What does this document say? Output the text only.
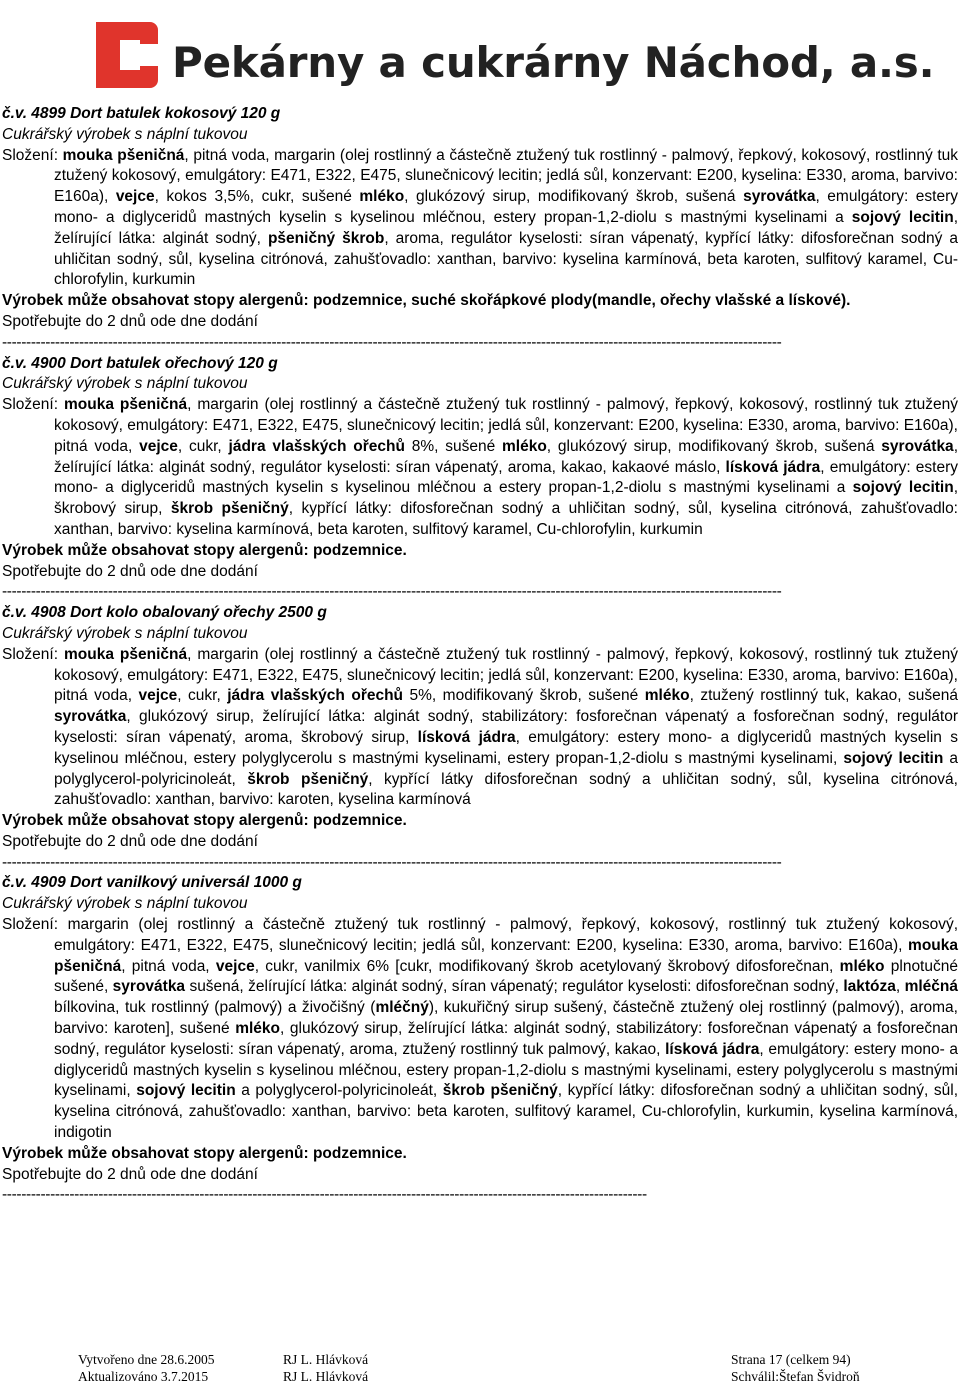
Pekárny a cukrárny Náchod, a.s.
č.v. 4899 Dort batulek kokosový 120 g
Cukrářský výrobek s náplní tukovou
Složení: mouka pšeničná, pitná voda, margarin (olej rostlinný a částečně ztužený tuk rostlinný - palmový, řepkový, kokosový, rostlinný tuk ztužený kokosový, emulgátory: E471, E322, E475, slunečnicový lecitin; jedlá sůl, konzervant: E200, kyselina: E330, aroma, barvivo: E160a), vejce, kokos 3,5%, cukr, sušené mléko, glukózový sirup, modifikovaný škrob, sušená syrovátka, emulgátory: estery mono- a diglyceridů mastných kyselin s kyselinou mléčnou, estery propan-1,2-diolu s mastnými kyselinami a sojový lecitin, želírující látka: alginát sodný, pšeničný škrob, aroma, regulátor kyselosti: síran vápenatý, kypřící látky: difosforečnan sodný a uhličitan sodný, sůl, kyselina citrónová, zahušťovadlo: xanthan, barvivo: kyselina karmínová, beta karoten, sulfitový karamel, Cu-chlorofylin, kurkumin
Výrobek může obsahovat stopy alergenů: podzemnice, suché skořápkové plody(mandle, ořechy vlašské a lískové).
Spotřebujte do 2 dnů ode dne dodání
------------------------------------------------------------------------------------------------------------------------------------------------------------------
č.v. 4900 Dort batulek ořechový 120 g
Cukrářský výrobek s náplní tukovou
Složení: mouka pšeničná, margarin (olej rostlinný a částečně ztužený tuk rostlinný - palmový, řepkový, kokosový, rostlinný tuk ztužený kokosový, emulgátory: E471, E322, E475, slunečnicový lecitin; jedlá sůl, konzervant: E200, kyselina: E330, aroma, barvivo: E160a), pitná voda, vejce, cukr, jádra vlašských ořechů 8%, sušené mléko, glukózový sirup, modifikovaný škrob, sušená syrovátka, želírující látka: alginát sodný, regulátor kyselosti: síran vápenatý, aroma, kakao, kakaové máslo, lísková jádra, emulgátory: estery mono- a diglyceridů mastných kyselin s kyselinou mléčnou a estery propan-1,2-diolu s mastnými kyselinami a sojový lecitin, škrobový sirup, škrob pšeničný, kypřící látky: difosforečnan sodný a uhličitan sodný, sůl, kyselina citrónová, zahušťovadlo: xanthan, barvivo: kyselina karmínová, beta karoten, sulfitový karamel, Cu-chlorofylin, kurkumin
Výrobek může obsahovat stopy alergenů: podzemnice.
Spotřebujte do 2 dnů ode dne dodání
------------------------------------------------------------------------------------------------------------------------------------------------------------------
č.v. 4908 Dort kolo obalovaný ořechy 2500 g
Cukrářský výrobek s náplní tukovou
Složení: mouka pšeničná, margarin (olej rostlinný a částečně ztužený tuk rostlinný - palmový, řepkový, kokosový, rostlinný tuk ztužený kokosový, emulgátory: E471, E322, E475, slunečnicový lecitin; jedlá sůl, konzervant: E200, kyselina: E330, aroma, barvivo: E160a), pitná voda, vejce, cukr, jádra vlašských ořechů 5%, modifikovaný škrob, sušené mléko, ztužený rostlinný tuk, kakao, sušená syrovátka, glukózový sirup, želírující látka: alginát sodný, stabilizátory: fosforečnan vápenatý a fosforečnan sodný, regulátor kyselosti: síran vápenatý, aroma, škrobový sirup, lísková jádra, emulgátory: estery mono- a diglyceridů mastných kyselin s kyselinou mléčnou, estery polyglycerolu s mastnými kyselinami, estery propan-1,2-diolu s mastnými kyselinami, sojový lecitin a polyglycerol-polyricinoleát, škrob pšeničný, kypřící látky difosforečnan sodný a uhličitan sodný, sůl, kyselina citrónová, zahušťovadlo: xanthan, barvivo: karoten, kyselina karmínová
Výrobek může obsahovat stopy alergenů: podzemnice.
Spotřebujte do 2 dnů ode dne dodání
------------------------------------------------------------------------------------------------------------------------------------------------------------------
č.v. 4909 Dort vanilkový universál 1000 g
Cukrářský výrobek s náplní tukovou
Složení: margarin (olej rostlinný a částečně ztužený tuk rostlinný - palmový, řepkový, kokosový, rostlinný tuk ztužený kokosový, emulgátory: E471, E322, E475, slunečnicový lecitin; jedlá sůl, konzervant: E200, kyselina: E330, aroma, barvivo: E160a), mouka pšeničná, pitná voda, vejce, cukr, vanilmix 6% [cukr, modifikovaný škrob acetylovaný škrobový difosforečnan, mléko plnotučné sušené, syrovátka sušená, želírující látka: alginát sodný, síran vápenatý; regulátor kyselosti: difosforečnan sodný, laktóza, mléčná bílkovina, tuk rostlinný (palmový) a živočišný (mléčný), kukuřičný sirup sušený, částečně ztužený olej rostlinný (palmový), aroma, barvivo: karoten], sušené mléko, glukózový sirup, želírující látka: alginát sodný, stabilizátory: fosforečnan vápenatý a fosforečnan sodný, regulátor kyselosti: síran vápenatý, aroma, ztužený rostlinný tuk palmový, kakao, lísková jádra, emulgátory: estery mono- a diglyceridů mastných kyselin s kyselinou mléčnou, estery propan-1,2-diolu s mastnými kyselinami, estery polyglycerolu s mastnými kyselinami, sojový lecitin a polyglycerol-polyricinoleát, škrob pšeničný, kypřící látky: difosforečnan sodný a uhličitan sodný, sůl, kyselina citrónová, zahušťovadlo: xanthan, barvivo: beta karoten, sulfitový karamel, Cu-chlorofylin, kurkumin, kyselina karmínová, indigotin
Výrobek může obsahovat stopy alergenů: podzemnice.
Spotřebujte do 2 dnů ode dne dodání
--------------------------------------------------------------------------------------------------------------------------------------
Vytvořeno dne 28.6.2005
Aktualizováno 3.7.2015
RJ L. Hlávková
RJ L. Hlávková
Strana 17 (celkem 94)
Schválil:Štefan Švidroň
